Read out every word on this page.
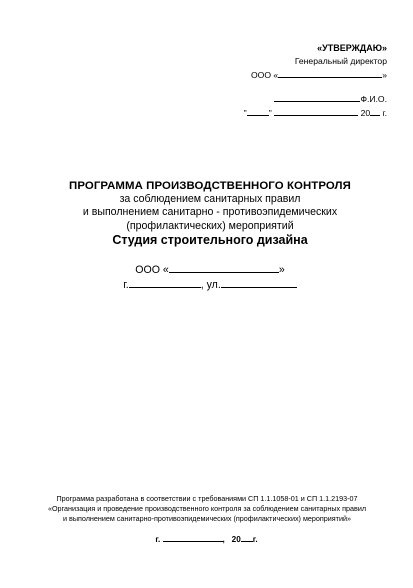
«УТВЕРЖДАЮ»
Генеральный директор
ООО «	»
Ф.И.О.
"	"	20 г.
ПРОГРАММА ПРОИЗВОДСТВЕННОГО КОНТРОЛЯ
за соблюдением санитарных правил
и выполнением санитарно - противоэпидемических
(профилактических) мероприятий
Студия строительного дизайна
ООО «	»
г.	, ул.
Программа разработана в соответствии с требованиями СП 1.1.1058-01 и СП 1.1.2193-07
«Организация и проведение производственного контроля за соблюдением санитарных правил
и выполнением санитарно-противоэпидемических (профилактических) мероприятий»
г.	,   20 г.
